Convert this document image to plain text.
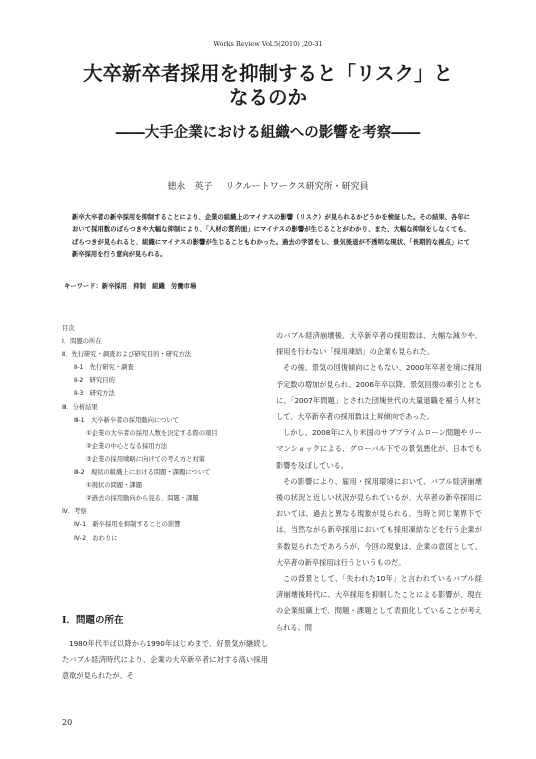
Works Review Vol.5(2010) ,20-31
大卒新卒者採用を抑制すると「リスク」と
なるのか
――大手企業における組織への影響を考察――
徳永　英子 リクルートワークス研究所・研究員
新卒大卒者の新卒採用を抑制することにより、企業の組織上のマイナスの影響（リスク）が見られるかどうかを検証した。その結果、各年において採用数のばらつきや大幅な抑制により、「人材の質的面」にマイナスの影響が生じることがわかり、また、大幅な抑制をしなくても、ばらつきが見られると、組織にマイナスの影響が生じることもわかった。過去の学習をし、景気後退が不透明な現状、「長期的な視点」にて新卒採用を行う意向が見られる。
キーワード：新卒採用　抑制　組織　労働市場
目次
Ⅰ．問題の所在
Ⅱ．先行研究・調査および研究目的・研究方法
Ⅱ-1　先行研究・調査
Ⅱ-2　研究目的
Ⅱ-3　研究方法
Ⅲ．分析結果
Ⅲ-1　大卒新卒者の採用動向について
①企業の大卒者の採用人数を決定する際の項目
②企業の中心となる採用方法
③企業の採用戦略に向けての考え方と対策
Ⅲ-2　現状の組織上における問題・課題について
①現状の問題・課題
②過去の採用動向から見る、問題・課題
Ⅳ．考察
Ⅳ-1　新卒採用を抑制することの影響
Ⅳ-2　おわりに

のバブル経済崩壊後、大卒新卒者の採用数は、大幅な減少や、採用を行わない「採用凍結」の企業も見られた。

その後、景気の回復傾向にともない、2000年卒者を境に採用予定数の増加が見られ、2006年卒以降、景気回復の牽引とともに、「2007年問題」とされた団塊世代の大量退職を補う人材として、大卒新卒者の採用数は上昇傾向であった。

しかし、2008年に入り米国のサブプライムローン問題やリーマンショックによる、グローバル下での景気悪化が、日本でも影響を及ぼしている。

その影響により、雇用・採用環境において、バブル経済崩壊後の状況と近しい状況が見られているが、大卒者の新卒採用においては、過去と異なる現象が見られる。当時と同じ業界下では、当然ながら新卒採用においても採用凍結などを行う企業が多数見られたであろうが、今回の現象は、企業の意図として、大卒者の新卒採用は行うというものだ。

この背景として、「失われた10年」と言われているバブル経済崩壊後時代に、大卒採用を抑制したことによる影響が、現在の企業組織上で、問題・課題として表面化していることが考えられる。問

Ⅰ．問題の所在

1980年代半ば以降から1990年はじめまで、好景気が継続したバブル経済時代により、企業の大卒新卒者に対する高い採用意欲が見られたが、そ

20
